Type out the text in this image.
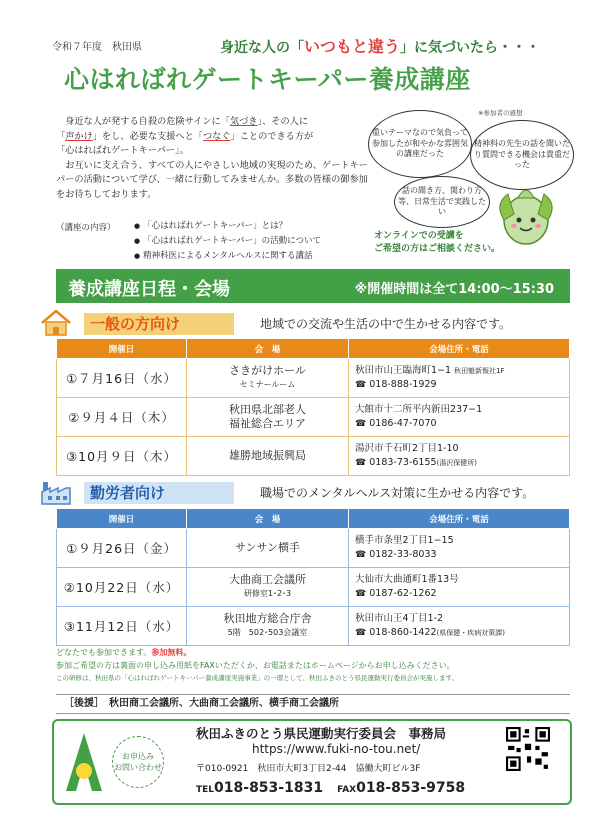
令和７年度　秋田県	身近な人の「いつもと違う」に気づいたら・・・
心はればれゲートキーパー養成講座

身近な人が発する自殺の危険サインに「気づき」、その人に
「声かけ」をし、必要な支援へと「つなぐ」ことのできる方が
「心はればれゲートキーパー」。

お互いに支え合う、すべての人にやさしい地域の実現のため、ゲートキーパーの活動について学び、一緒に行動してみませんか。多数の皆様の御参加をお待ちしております。

※参加者の感想
重いテーマなので気負って参加したが和やかな雰囲気の講座だった
精神科の先生の話を聞いたり質問できる機会は貴重だった
話の聞き方、関わり方等、日常生活で実践したい
（講座の内容）	● 「心はればれゲートキーパー」とは？
● 「心はればれゲートキーパー」の活動について
● 精神科医によるメンタルヘルスに関する講話
オンラインでの受講を
ご希望の方はご相談ください。
養成講座日程・会場	※開催時間は全て14:00～15:30
一般の方向け	地域での交流や生活の中で生かせる内容です。
開催日	会　場	会場住所・電話
①７月16日（水）	さきがけホール
セミナールーム	秋田市山王臨海町1−1 秋田魁新報社1F
☎ 018-888-1929
②９月４日（木）	秋田県北部老人
福祉総合エリア	大館市十二所平内新田237−1
☎ 0186-47-7070
③10月９日（木）	雄勝地域振興局	湯沢市千石町2丁目1-10
☎ 0183-73-6155(湯沢保健所)
勤労者向け	職場でのメンタルヘルス対策に生かせる内容です。
開催日	会　場	会場住所・電話
①９月26日（金）	サンサン横手	横手市条里2丁目1−15
☎ 0182-33-8033
②10月22日（水）	大曲商工会議所
研修室1･2･3	大仙市大曲通町1番13号
☎ 0187-62-1262
③11月12日（水）	秋田地方総合庁舎
5階　502･503会議室	秋田市山王4丁目1-2
☎ 018-860-1422(県保健・疾病対策課)
どなたでも参加できます。参加無料。
参加ご希望の方は裏面の申し込み用紙をFAXいただくか、お電話またはホームページからお申し込みください。
この研修は、秋田県の「心はればれゲートキーパー養成講座実施事業」の一環として、秋田ふきのとう県民運動実行委員会が実施します。
［後援］　 秋田商工会議所、大曲商工会議所、横手商工会議所
お申込み
お問い合わせ
秋田ふきのとう県民運動実行委員会　事務局
https://www.fuki-no-tou.net/
〒010-0921　秋田市大町3丁目2-44　協働大町ビル3F
TEL018-853-1831　 FAX018-853-9758
